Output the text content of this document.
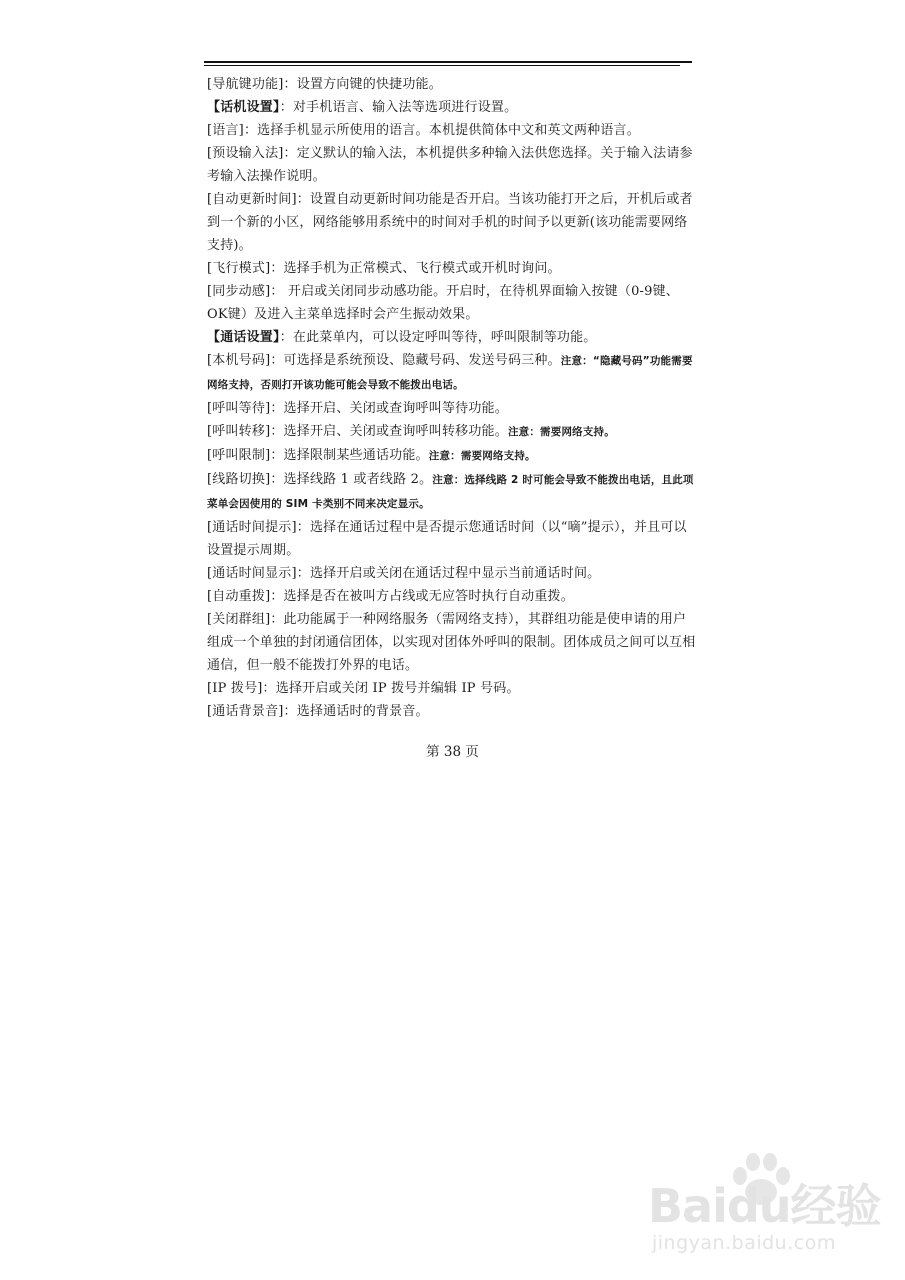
[导航键功能]：设置方向键的快捷功能。

【话机设置】：对手机语言、输入法等选项进行设置。

[语言]：选择手机显示所使用的语言。本机提供简体中文和英文两种语言。

[预设输入法]：定义默认的输入法，本机提供多种输入法供您选择。关于输入法请参考输入法操作说明。

[自动更新时间]：设置自动更新时间功能是否开启。当该功能打开之后，开机后或者到一个新的小区，网络能够用系统中的时间对手机的时间予以更新(该功能需要网络支持)。

[飞行模式]：选择手机为正常模式、飞行模式或开机时询问。

[同步动感]： 开启或关闭同步动感功能。开启时，在待机界面输入按键（0-9键、OK键）及进入主菜单选择时会产生振动效果。

【通话设置】：在此菜单内，可以设定呼叫等待，呼叫限制等功能。

[本机号码]：可选择是系统预设、隐藏号码、发送号码三种。注意：“隐藏号码”功能需要网络支持，否则打开该功能可能会导致不能拨出电话。

[呼叫等待]：选择开启、关闭或查询呼叫等待功能。

[呼叫转移]：选择开启、关闭或查询呼叫转移功能。注意：需要网络支持。

[呼叫限制]：选择限制某些通话功能。注意：需要网络支持。

[线路切换]：选择线路 1 或者线路 2。注意：选择线路 2 时可能会导致不能拨出电话，且此项菜单会因使用的 SIM 卡类别不同来决定显示。

[通话时间提示]：选择在通话过程中是否提示您通话时间（以“嘀”提示），并且可以设置提示周期。

[通话时间显示]：选择开启或关闭在通话过程中显示当前通话时间。

[自动重拨]：选择是否在被叫方占线或无应答时执行自动重拨。

[关闭群组]：此功能属于一种网络服务（需网络支持），其群组功能是使申请的用户组成一个单独的封闭通信团体，以实现对团体外呼叫的限制。团体成员之间可以互相通信，但一般不能拨打外界的电话。

[IP 拨号]：选择开启或关闭 IP 拨号并编辑 IP 号码。

[通话背景音]：选择通话时的背景音。

第 38 页
Baidu经验
jingyan.baidu.com
